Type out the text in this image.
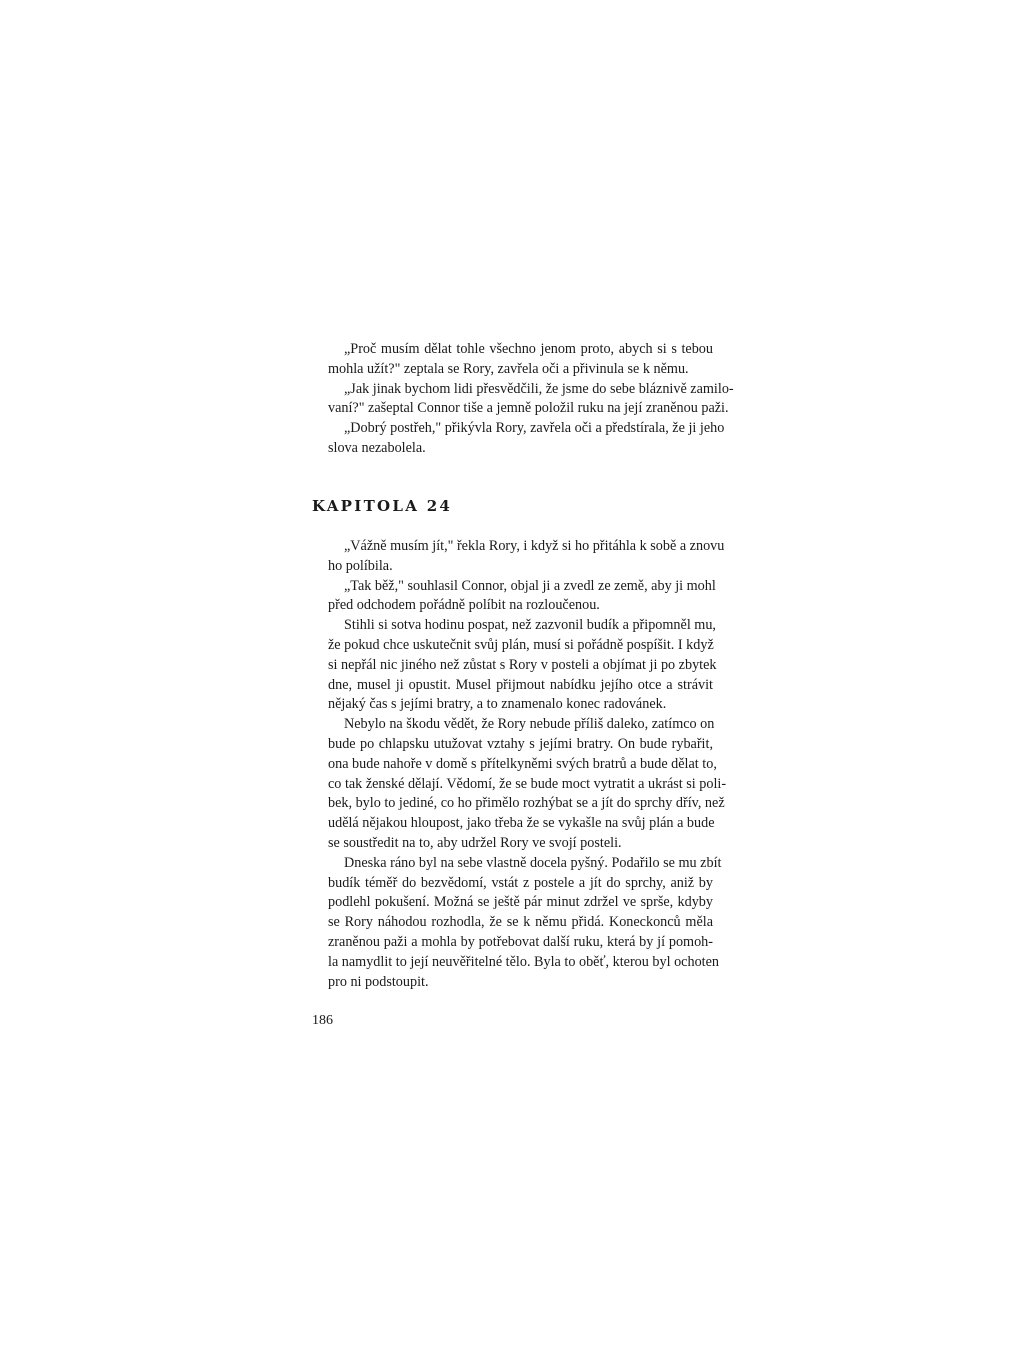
„Proč musím dělat tohle všechno jenom proto, abych si s tebou
mohla užít?" zeptala se Rory, zavřela oči a přivinula se k němu.

„Jak jinak bychom lidi přesvědčili, že jsme do sebe bláznivě zamilo-
vaní?" zašeptal Connor tiše a jemně položil ruku na její zraněnou paži.

„Dobrý postřeh," přikývla Rory, zavřela oči a předstírala, že ji jeho
slova nezabolela.

KAPITOLA 24

„Vážně musím jít," řekla Rory, i když si ho přitáhla k sobě a znovu
ho políbila.

„Tak běž," souhlasil Connor, objal ji a zvedl ze země, aby ji mohl
před odchodem pořádně políbit na rozloučenou.

Stihli si sotva hodinu pospat, než zazvonil budík a připomněl mu,
že pokud chce uskutečnit svůj plán, musí si pořádně pospíšit. I když
si nepřál nic jiného než zůstat s Rory v posteli a objímat ji po zbytek
dne, musel ji opustit. Musel přijmout nabídku jejího otce a strávit
nějaký čas s jejími bratry, a to znamenalo konec radovánek.

Nebylo na škodu vědět, že Rory nebude příliš daleko, zatímco on
bude po chlapsku utužovat vztahy s jejími bratry. On bude rybařit,
ona bude nahoře v domě s přítelkyněmi svých bratrů a bude dělat to,
co tak ženské dělají. Vědomí, že se bude moct vytratit a ukrást si poli-
bek, bylo to jediné, co ho přimělo rozhýbat se a jít do sprchy dřív, než
udělá nějakou hloupost, jako třeba že se vykašle na svůj plán a bude
se soustředit na to, aby udržel Rory ve svojí posteli.

Dneska ráno byl na sebe vlastně docela pyšný. Podařilo se mu zbít
budík téměř do bezvědomí, vstát z postele a jít do sprchy, aniž by
podlehl pokušení. Možná se ještě pár minut zdržel ve sprše, kdyby
se Rory náhodou rozhodla, že se k němu přidá. Koneckonců měla
zraněnou paži a mohla by potřebovat další ruku, která by jí pomoh-
la namydlit to její neuvěřitelné tělo. Byla to oběť, kterou byl ochoten
pro ni podstoupit.

186
